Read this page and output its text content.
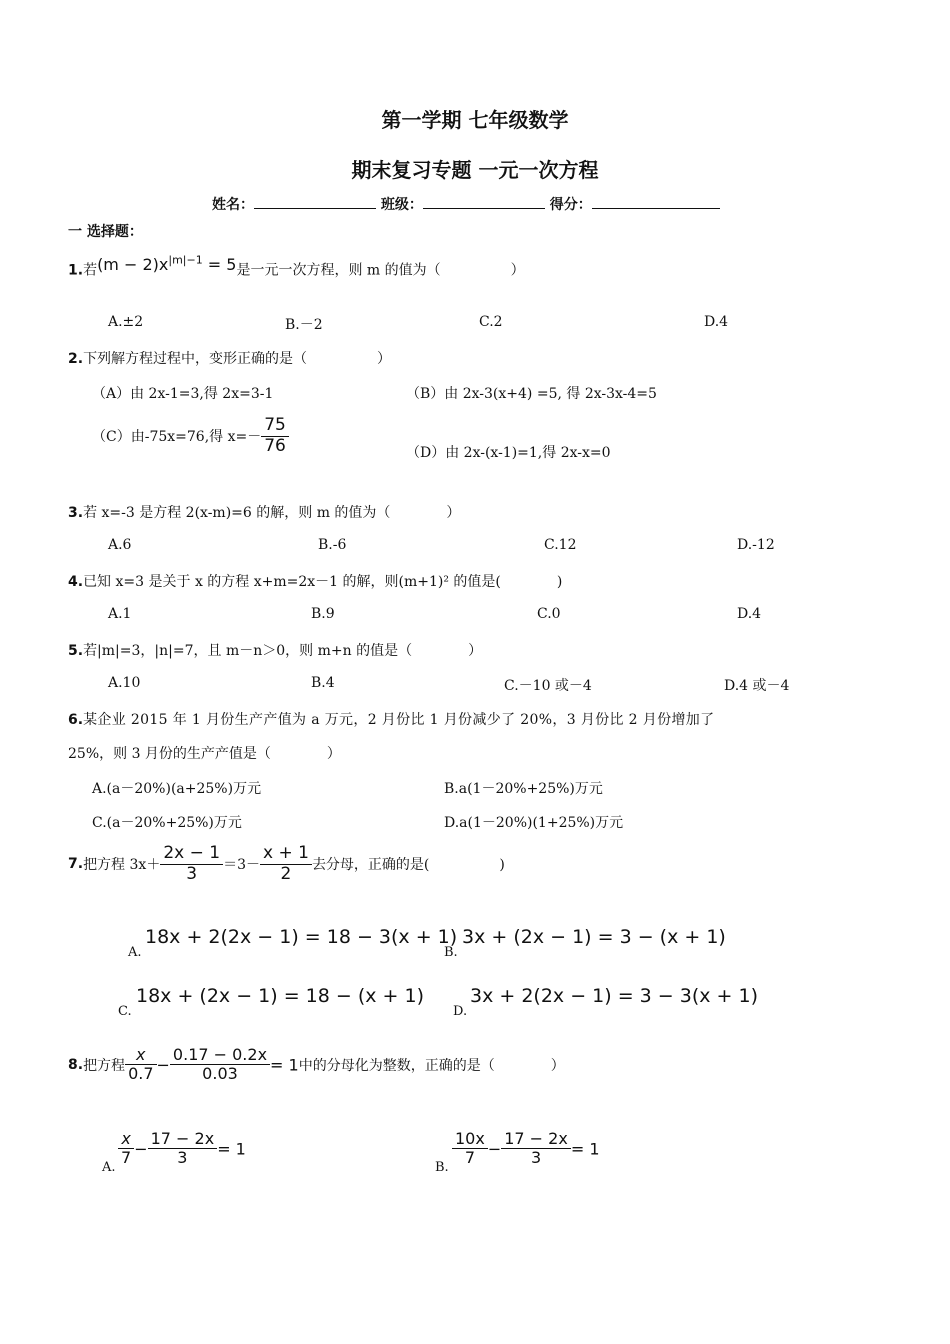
第一学期 七年级数学
期末复习专题 一元一次方程
姓名：	班级：	得分：
一 选择题：
1.若$(m - 2)x^{|m|-1} = 5$是一元一次方程，则 m 的值为（　　　　　）
A.±2	B.－2	C.2	D.4
2.下列解方程过程中，变形正确的是（　　　　　）
（A）由 2x-1=3,得 2x=3-1	（B）由 2x-3(x+4) =5, 得 2x-3x-4=5
（C）由-75x=76,得 $x=- \frac{75}{76}$	（D）由 2x-(x-1)=1,得 2x-x=0
3.若 x=-3 是方程 2(x-m)=6 的解，则 m 的值为（　　　　）
A.6	B.-6	C.12	D.-12
4.已知 x=3 是关于 x 的方程 x+m=2x－1 的解，则(m+1)² 的值是(　　　　)
A.1	B.9	C.0	D.4
5.若|m|=3，|n|=7，且 m－n＞0，则 m+n 的值是（　　　　）
A.10	B.4	C.－10 或－4	D.4 或－4
6.某企业 2015 年 1 月份生产产值为 a 万元，2 月份比 1 月份减少了 20%，3 月份比 2 月份增加了
25%，则 3 月份的生产产值是（　　　　）
A.(a－20%)(a+25%)万元	B.a(1－20%+25%)万元
C.(a－20%+25%)万元	D.a(1－20%)(1+25%)万元
7.把方程 $3x+ \frac{2x - 1}{3} =3- \frac{x + 1}{2}$ 去分母，正确的是(　　　　　)
A.
18x + 2(2x − 1) = 18 − 3(x + 1)
B.
3x + (2x − 1) = 3 − (x + 1)
C.
18x + (2x − 1) = 18 − (x + 1)
D.
3x + 2(2x − 1) = 3 − 3(x + 1)
8.把方程 $\frac{x}{0.7} - \frac{0.17 - 0.2x}{0.03} = 1$中的分母化为整数，正确的是（　　　　）
A. $\frac{x}{7} - \frac{17 - 2x}{3} = 1$
B. $\frac{10x}{7} - \frac{17 - 2x}{3} = 1$
